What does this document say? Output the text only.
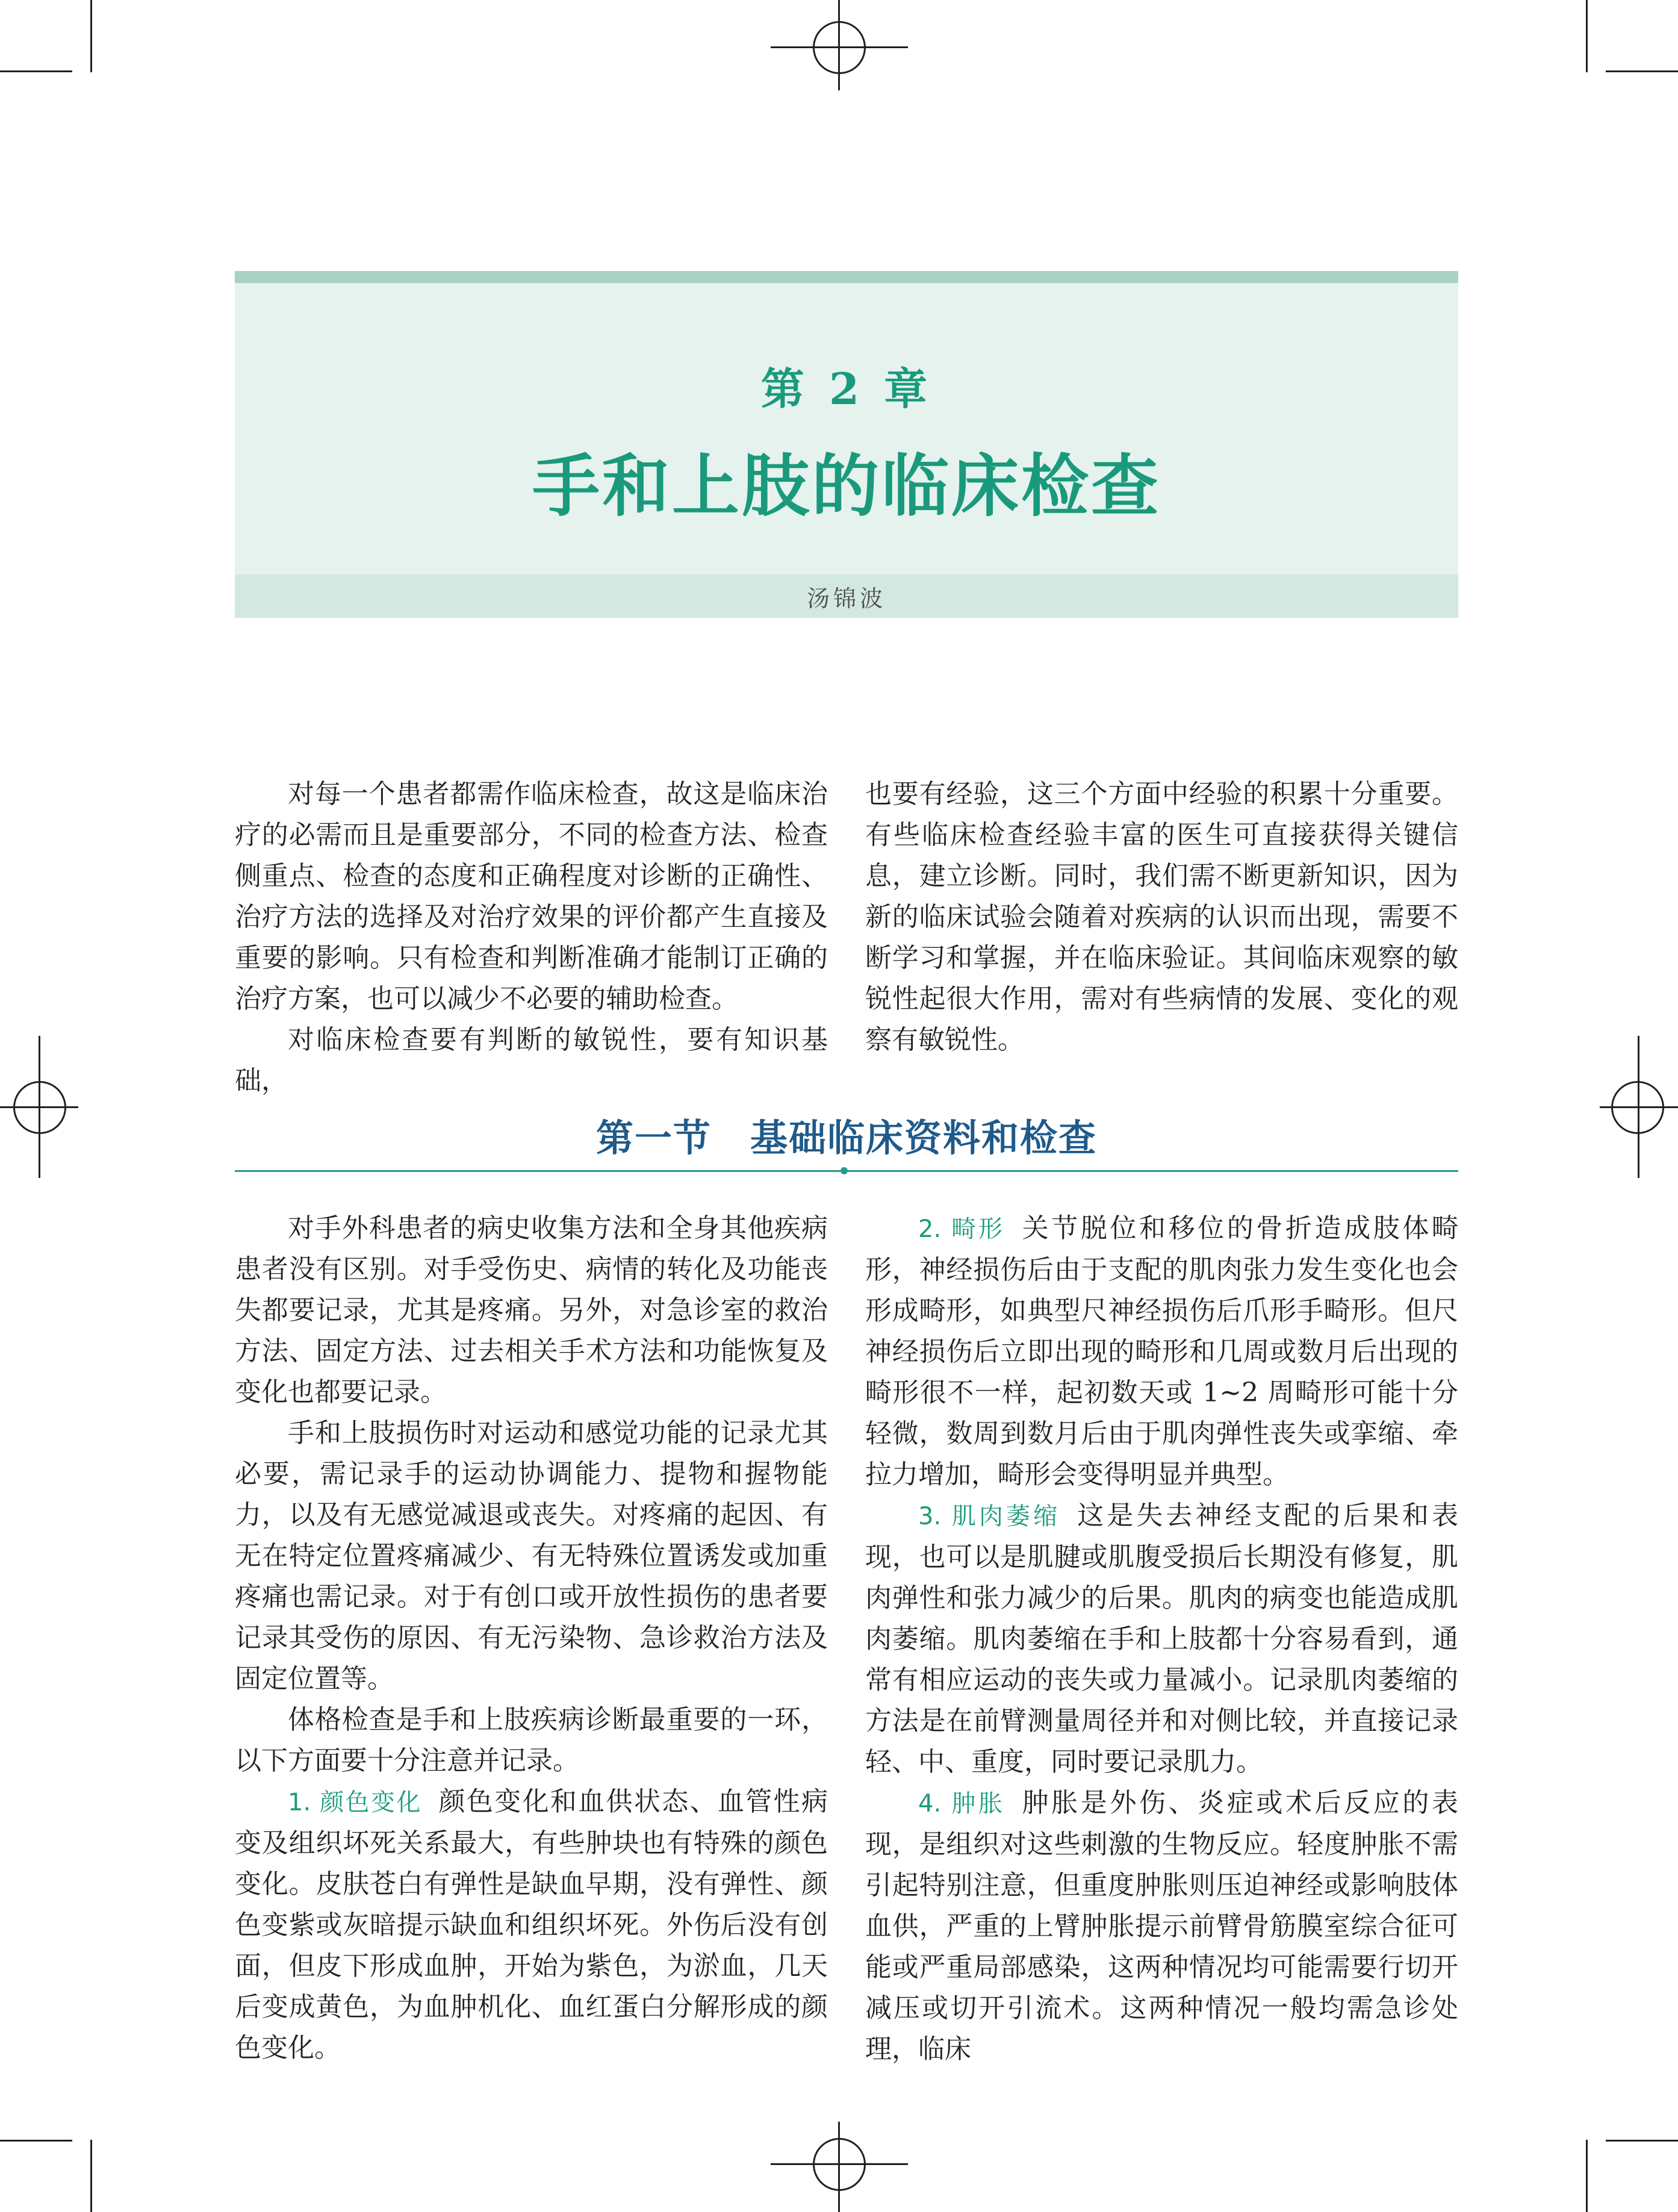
第 2 章
手和上肢的临床检查
汤锦波

对每一个患者都需作临床检查，故这是临床治疗的必需而且是重要部分，不同的检查方法、检查侧重点、检查的态度和正确程度对诊断的正确性、治疗方法的选择及对治疗效果的评价都产生直接及重要的影响。只有检查和判断准确才能制订正确的治疗方案，也可以减少不必要的辅助检查。

对临床检查要有判断的敏锐性，要有知识基础，

也要有经验，这三个方面中经验的积累十分重要。有些临床检查经验丰富的医生可直接获得关键信息，建立诊断。同时，我们需不断更新知识，因为新的临床试验会随着对疾病的认识而出现，需要不断学习和掌握，并在临床验证。其间临床观察的敏锐性起很大作用，需对有些病情的发展、变化的观察有敏锐性。

第一节　基础临床资料和检查

对手外科患者的病史收集方法和全身其他疾病患者没有区别。对手受伤史、病情的转化及功能丧失都要记录，尤其是疼痛。另外，对急诊室的救治方法、固定方法、过去相关手术方法和功能恢复及变化也都要记录。

手和上肢损伤时对运动和感觉功能的记录尤其必要，需记录手的运动协调能力、提物和握物能力，以及有无感觉减退或丧失。对疼痛的起因、有无在特定位置疼痛减少、有无特殊位置诱发或加重疼痛也需记录。对于有创口或开放性损伤的患者要记录其受伤的原因、有无污染物、急诊救治方法及固定位置等。

体格检查是手和上肢疾病诊断最重要的一环，以下方面要十分注意并记录。

1. 颜色变化 颜色变化和血供状态、血管性病变及组织坏死关系最大，有些肿块也有特殊的颜色变化。皮肤苍白有弹性是缺血早期，没有弹性、颜色变紫或灰暗提示缺血和组织坏死。外伤后没有创面，但皮下形成血肿，开始为紫色，为淤血，几天后变成黄色，为血肿机化、血红蛋白分解形成的颜色变化。

2. 畸形 关节脱位和移位的骨折造成肢体畸形，神经损伤后由于支配的肌肉张力发生变化也会形成畸形，如典型尺神经损伤后爪形手畸形。但尺神经损伤后立即出现的畸形和几周或数月后出现的畸形很不一样，起初数天或 1~2 周畸形可能十分轻微，数周到数月后由于肌肉弹性丧失或挛缩、牵拉力增加，畸形会变得明显并典型。

3. 肌肉萎缩 这是失去神经支配的后果和表现，也可以是肌腱或肌腹受损后长期没有修复，肌肉弹性和张力减少的后果。肌肉的病变也能造成肌肉萎缩。肌肉萎缩在手和上肢都十分容易看到，通常有相应运动的丧失或力量减小。记录肌肉萎缩的方法是在前臂测量周径并和对侧比较，并直接记录轻、中、重度，同时要记录肌力。

4. 肿胀 肿胀是外伤、炎症或术后反应的表现，是组织对这些刺激的生物反应。轻度肿胀不需引起特别注意，但重度肿胀则压迫神经或影响肢体血供，严重的上臂肿胀提示前臂骨筋膜室综合征可能或严重局部感染，这两种情况均可能需要行切开减压或切开引流术。这两种情况一般均需急诊处理，临床
